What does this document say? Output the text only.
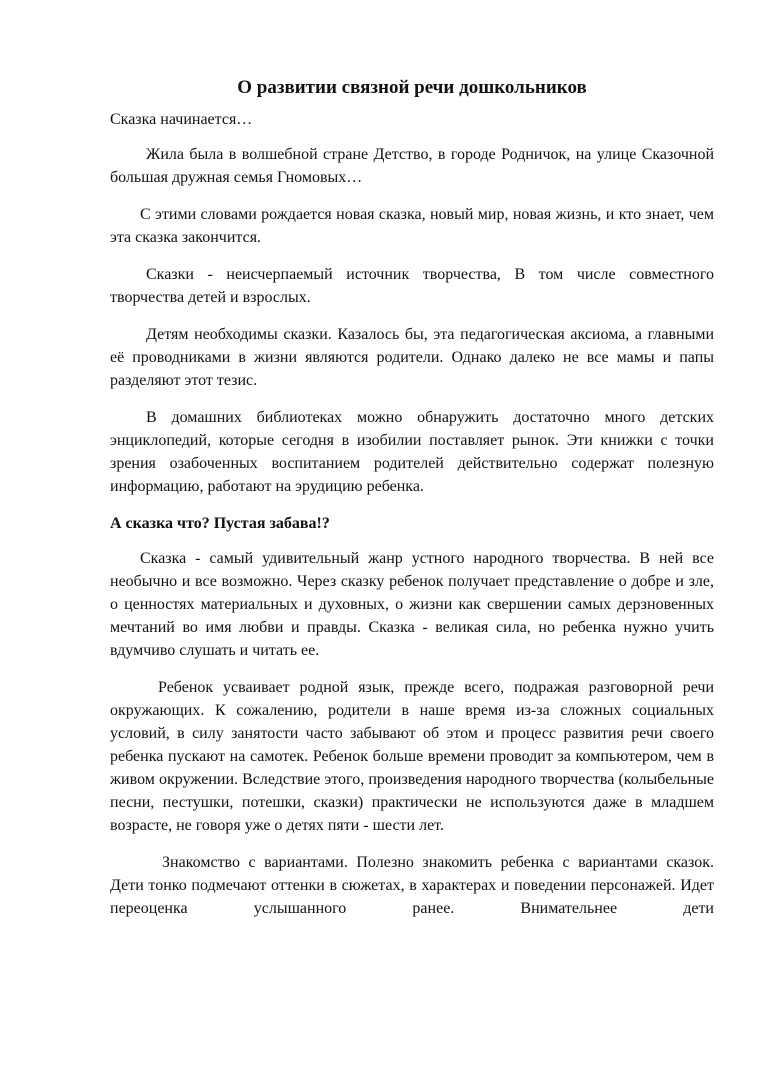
О развитии связной речи дошкольников

Сказка начинается…

Жила была в волшебной стране Детство, в городе Родничок, на улице Сказочной большая дружная семья Гномовых…

С этими словами рождается новая сказка, новый мир, новая жизнь, и кто знает, чем эта сказка закончится.

Сказки - неисчерпаемый источник творчества, В том числе совместного творчества детей и взрослых.

Детям необходимы сказки. Казалось бы, эта педагогическая аксиома, а главными её проводниками в жизни являются родители. Однако далеко не все мамы и папы разделяют этот тезис.

В домашних библиотеках можно обнаружить достаточно много детских энциклопедий, которые сегодня в изобилии поставляет рынок. Эти книжки с точки зрения озабоченных воспитанием родителей действительно содержат полезную информацию, работают на эрудицию ребенка.

А сказка что? Пустая забава!?

Сказка - самый удивительный жанр устного народного творчества. В ней все необычно и все возможно. Через сказку ребенок получает представление о добре и зле, о ценностях материальных и духовных, о жизни как свершении самых дерзновенных мечтаний во имя любви и правды. Сказка - великая сила, но ребенка нужно учить вдумчиво слушать и читать ее.

Ребенок усваивает родной язык, прежде всего, подражая разговорной речи окружающих. К сожалению, родители в наше время из-за сложных социальных условий, в силу занятости часто забывают об этом и процесс развития речи своего ребенка пускают на самотек. Ребенок больше времени проводит за компьютером, чем в живом окружении. Вследствие этого, произведения народного творчества (колыбельные песни, пестушки, потешки, сказки) практически не используются даже в младшем возрасте, не говоря уже о детях пяти - шести лет.

Знакомство с вариантами. Полезно знакомить ребенка с вариантами сказок. Дети тонко подмечают оттенки в сюжетах, в характерах и поведении персонажей. Идет переоценка услышанного ранее. Внимательнее дети
